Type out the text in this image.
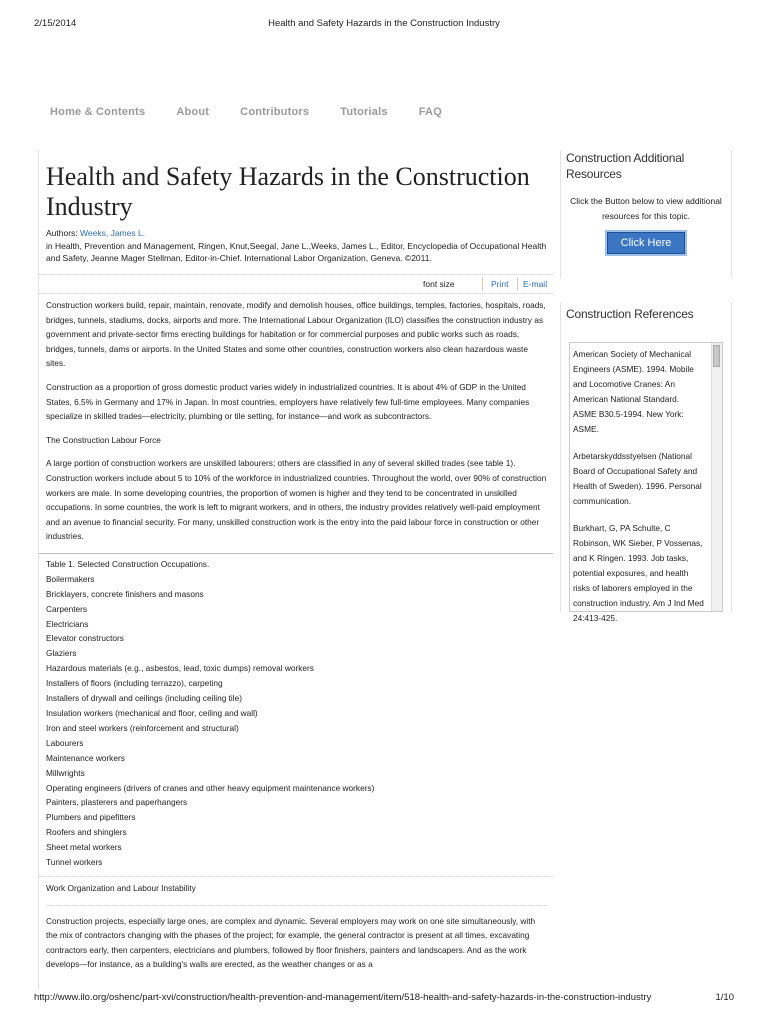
2/15/2014	Health and Safety Hazards in the Construction Industry
Home & Contents	About	Contributors	Tutorials	FAQ
Health and Safety Hazards in the Construction Industry
Authors: Weeks, James L.
in Health, Prevention and Management, Ringen, Knut,Seegal, Jane L.,Weeks, James L., Editor, Encyclopedia of Occupational Health and Safety, Jeanne Mager Stellman, Editor-in-Chief. International Labor Organization, Geneva. ©2011.
font size	Print E-mail

Construction workers build, repair, maintain, renovate, modify and demolish houses, office buildings, temples, factories, hospitals, roads, bridges, tunnels, stadiums, docks, airports and more. The International Labour Organization (ILO) classifies the construction industry as government and private-sector firms erecting buildings for habitation or for commercial purposes and public works such as roads, bridges, tunnels, dams or airports. In the United States and some other countries, construction workers also clean hazardous waste sites.

Construction as a proportion of gross domestic product varies widely in industrialized countries. It is about 4% of GDP in the United States, 6.5% in Germany and 17% in Japan. In most countries, employers have relatively few full-time employees. Many companies specialize in skilled trades—electricity, plumbing or tile setting, for instance—and work as subcontractors.

The Construction Labour Force

A large portion of construction workers are unskilled labourers; others are classified in any of several skilled trades (see table 1). Construction workers include about 5 to 10% of the workforce in industrialized countries. Throughout the world, over 90% of construction workers are male. In some developing countries, the proportion of women is higher and they tend to be concentrated in unskilled occupations. In some countries, the work is left to migrant workers, and in others, the industry provides relatively well-paid employment and an avenue to financial security. For many, unskilled construction work is the entry into the paid labour force in construction or other industries.

Table 1. Selected Construction Occupations.
Boilermakers
Bricklayers, concrete finishers and masons
Carpenters
Electricians
Elevator constructors
Glaziers
Hazardous materials (e.g., asbestos, lead, toxic dumps) removal workers
Installers of floors (including terrazzo), carpeting
Installers of drywall and ceilings (including ceiling tile)
Insulation workers (mechanical and floor, ceiling and wall)
Iron and steel workers (reinforcement and structural)
Labourers
Maintenance workers
Millwrights
Operating engineers (drivers of cranes and other heavy equipment maintenance workers)
Painters, plasterers and paperhangers
Plumbers and pipefitters
Roofers and shinglers
Sheet metal workers
Tunnel workers

Work Organization and Labour Instability

Construction projects, especially large ones, are complex and dynamic. Several employers may work on one site simultaneously, with the mix of contractors changing with the phases of the project; for example, the general contractor is present at all times, excavating contractors early, then carpenters, electricians and plumbers, followed by floor finishers, painters and landscapers. And as the work develops—for instance, as a building's walls are erected, as the weather changes or as a

Construction Additional Resources
Click the Button below to view additional resources for this topic.
Click Here
Construction References

American Society of Mechanical Engineers (ASME). 1994. Mobile and Locomotive Cranes: An American National Standard. ASME B30.5-1994. New York: ASME.

Arbetarskyddsstyelsen (National Board of Occupational Safety and Health of Sweden). 1996. Personal communication.

Burkhart, G, PA Schulte, C Robinson, WK Sieber, P Vossenas, and K Ringen. 1993. Job tasks, potential exposures, and health risks of laborers employed in the construction industry. Am J Ind Med 24:413-425.

http://www.ilo.org/oshenc/part-xvi/construction/health-prevention-and-management/item/518-health-and-safety-hazards-in-the-construction-industry	1/10
